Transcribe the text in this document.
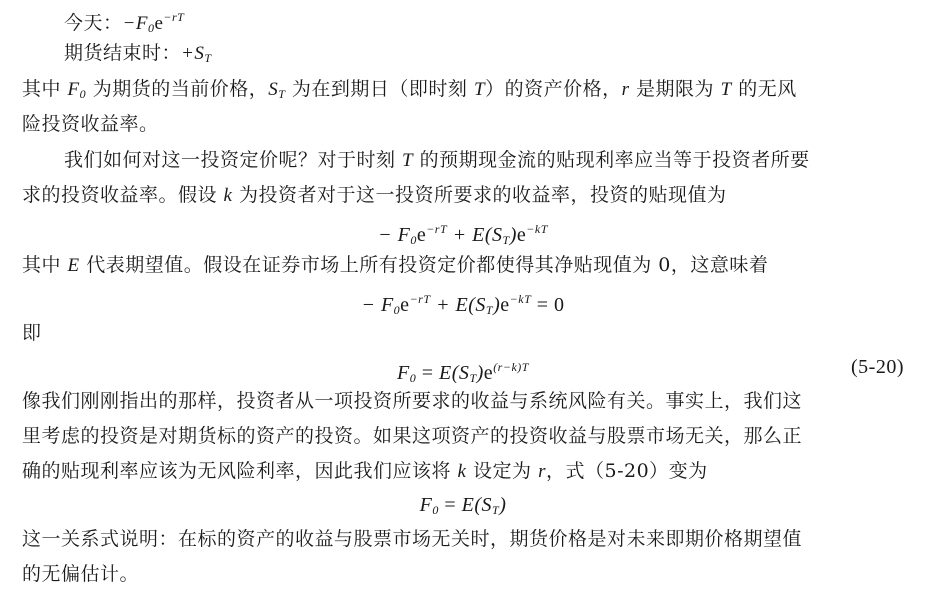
今天：$-F_0e^{-rT}$
期货结束时：$+S_T$
其中 $F_0$ 为期货的当前价格，$S_T$ 为在到期日（即时刻 T）的资产价格，r 是期限为 T 的无风
险投资收益率。
我们如何对这一投资定价呢？对于时刻 T 的预期现金流的贴现利率应当等于投资者所要
求的投资收益率。假设 k 为投资者对于这一投资所要求的收益率，投资的贴现值为
− $F_0e^{-rT} + E(S_T)e^{-kT}$
其中 E 代表期望值。假设在证券市场上所有投资定价都使得其净贴现值为 0，这意味着
− $F_0e^{-rT} + E(S_T)e^{-kT} = 0$
即
$F_0 = E(S_T)e^{(r-k)T}$	(5-20)
像我们刚刚指出的那样，投资者从一项投资所要求的收益与系统风险有关。事实上，我们这
里考虑的投资是对期货标的资产的投资。如果这项资产的投资收益与股票市场无关，那么正
确的贴现利率应该为无风险利率，因此我们应该将 k 设定为 r，式（5-20）变为
$F_0 = E(S_T)$
这一关系式说明：在标的资产的收益与股票市场无关时，期货价格是对未来即期价格期望值
的无偏估计。
